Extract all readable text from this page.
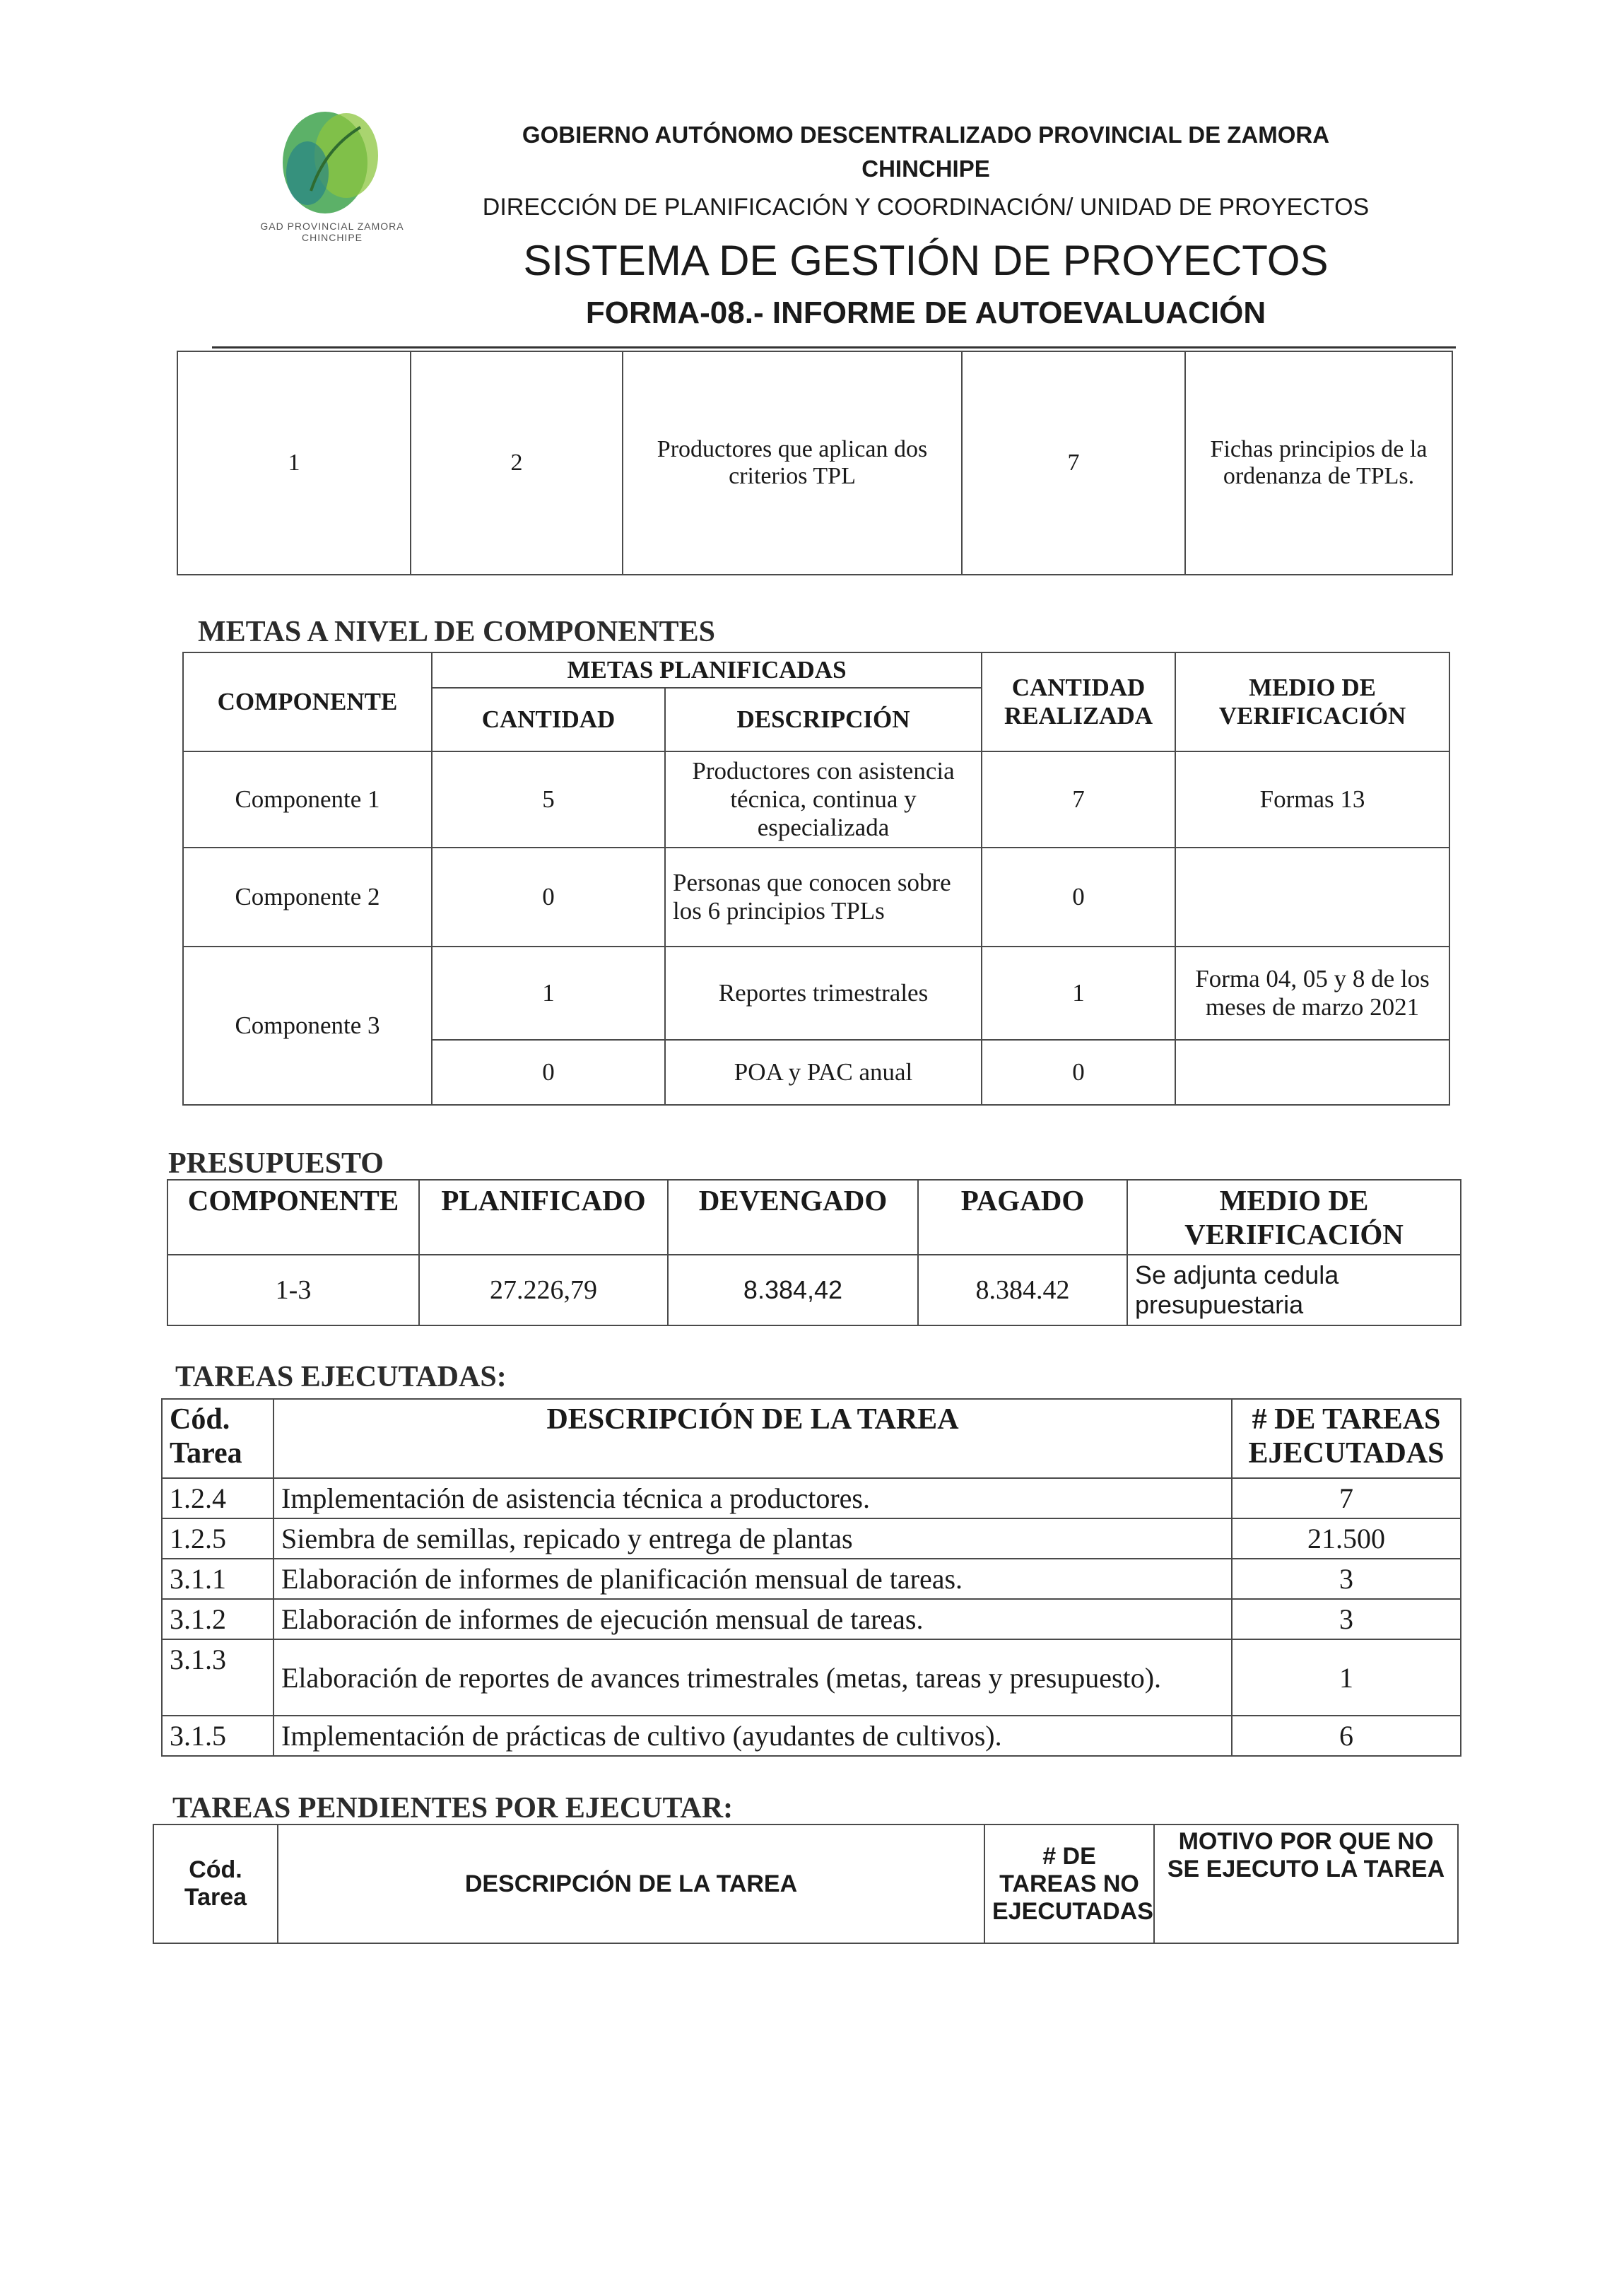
GAD PROVINCIAL ZAMORA CHINCHIPE
GOBIERNO AUTÓNOMO DESCENTRALIZADO PROVINCIAL DE ZAMORA
CHINCHIPE
DIRECCIÓN DE PLANIFICACIÓN Y COORDINACIÓN/ UNIDAD DE PROYECTOS
SISTEMA DE GESTIÓN DE PROYECTOS
FORMA-08.- INFORME DE AUTOEVALUACIÓN
1	2	Productores que aplican dos criterios TPL	7	Fichas principios de la ordenanza de TPLs.
METAS A NIVEL DE COMPONENTES
COMPONENTE	METAS PLANIFICADAS		CANTIDAD REALIZADA	MEDIO DE VERIFICACIÓN
	CANTIDAD	DESCRIPCIÓN		
Componente 1	5	Productores con asistencia técnica, continua y especializada	7	Formas 13
Componente 2	0	Personas que conocen sobre los 6 principios TPLs	0	
Componente 3	1	Reportes trimestrales	1	Forma 04, 05 y 8 de los meses de marzo 2021
	0	POA y PAC anual	0	
PRESUPUESTO
COMPONENTE	PLANIFICADO	DEVENGADO	PAGADO	MEDIO DE VERIFICACIÓN
1-3	27.226,79	8.384,42	8.384.42	Se adjunta cedula presupuestaria
TAREAS EJECUTADAS:
Cód. Tarea	DESCRIPCIÓN DE LA TAREA	# DE TAREAS EJECUTADAS
1.2.4	Implementación de asistencia técnica a productores.	7
1.2.5	Siembra de semillas, repicado y entrega de plantas	21.500
3.1.1	Elaboración de informes de planificación mensual de tareas.	3
3.1.2	Elaboración de informes de ejecución mensual de tareas.	3
3.1.3	Elaboración de reportes de avances trimestrales (metas, tareas y presupuesto).	1
3.1.5	Implementación de prácticas de cultivo (ayudantes de cultivos).	6
TAREAS PENDIENTES POR EJECUTAR:
Cód. Tarea	DESCRIPCIÓN DE LA TAREA	# DE TAREAS NO EJECUTADAS	MOTIVO POR QUE NO SE EJECUTO LA TAREA
